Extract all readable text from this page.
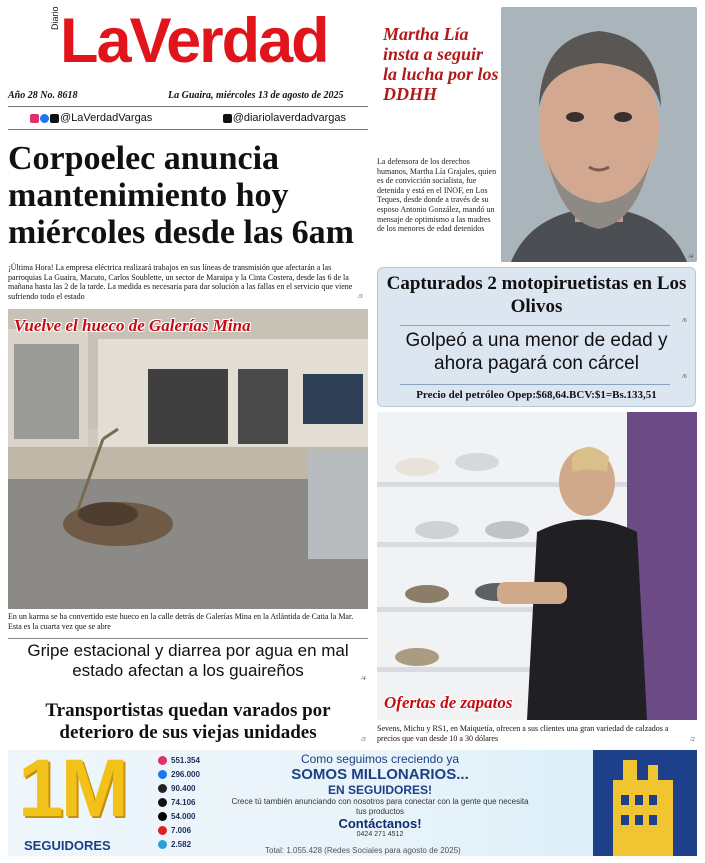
Diario LaVerdad
Año 28 No. 8618	La Guaira, miércoles 13 de agosto de 2025
@LaVerdadVargas	@diariolaverdadvargas
Martha Lía insta a seguir la lucha por los DDHH
La defensora de los derechos humanos, Martha Lía Grajales, quien es de convicción socialista, fue detenida y está en el INOF, en Los Teques, desde donde a través de su esposo Antonio González, mandó un mensaje de optimismo a las madres de los menores de edad detenidos
/4
Corpoelec anuncia mantenimiento hoy miércoles desde las 6am
¡Última Hora! La empresa eléctrica realizará trabajos en sus líneas de transmisión que afectarán a las parroquias La Guaira, Macuto, Carlos Soublette, un sector de Maraipa y la Cinta Costera, desde las 6 de la mañana hasta las 2 de la tarde. La medida es necesaria para dar solución a las fallas en el servicio que viene sufriendo todo el estado	/3
Vuelve el hueco de Galerías Mina
En un karma se ha convertido este hueco en la calle detrás de Galerías Mina en la Atlántida de Catia la Mar. Esta es la cuarta vez que se abre
Gripe estacional y diarrea por agua en mal estado afectan a los guaireños	/4
Transportistas quedan varados por deterioro de sus viejas unidades	/3
Capturados 2 motopiruetistas en Los Olivos
/6
Golpeó a una menor de edad y ahora pagará con cárcel
/6
Precio del petróleo Opep:$68,64.BCV:$1=Bs.133,51
Ofertas de zapatos
Sevens, Michu y RS1, en Maiquetía, ofrecen a sus clientes una gran variedad de calzados a precios que van desde 10 a 30 dólares	/2
1M
SEGUIDORES
551.354
296.000
90.400
74.106
54.000
7.006
2.582
Como seguimos creciendo ya
SOMOS MILLONARIOS...
EN SEGUIDORES!
Crece tú también anunciando con nosotros para conectar con la gente que necesita tus productos
Contáctanos!
0424 271 4512
Total: 1.055.428 (Redes Sociales para agosto de 2025)
